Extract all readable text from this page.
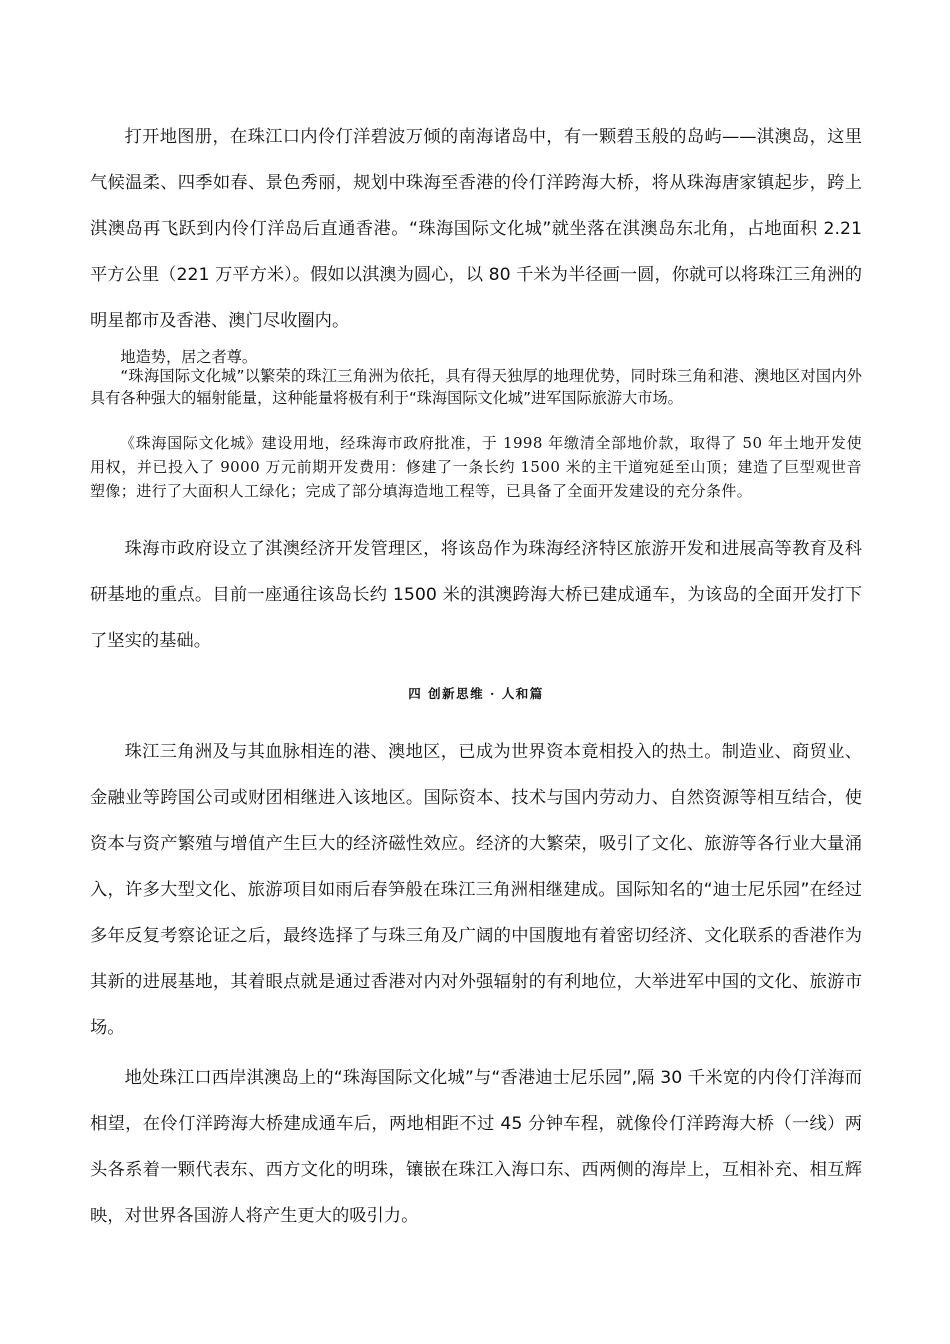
打开地图册，在珠江口内伶仃洋碧波万倾的南海诸岛中，有一颗碧玉般的岛屿——淇澳岛，这里气候温柔、四季如春、景色秀丽，规划中珠海至香港的伶仃洋跨海大桥，将从珠海唐家镇起步，跨上淇澳岛再飞跃到内伶仃洋岛后直通香港。“珠海国际文化城”就坐落在淇澳岛东北角，占地面积 2.21 平方公里（221 万平方米）。假如以淇澳为圆心，以 80 千米为半径画一圆，你就可以将珠江三角洲的明星都市及香港、澳门尽收圈内。

地造势，居之者尊。

“珠海国际文化城”以繁荣的珠江三角洲为依托，具有得天独厚的地理优势，同时珠三角和港、澳地区对国内外具有各种强大的辐射能量，这种能量将极有利于“珠海国际文化城”进军国际旅游大市场。

《珠海国际文化城》建设用地，经珠海市政府批准，于 1998 年缴清全部地价款，取得了 50 年土地开发使用权，并已投入了 9000 万元前期开发费用：修建了一条长约 1500 米的主干道宛延至山顶；建造了巨型观世音塑像；进行了大面积人工绿化；完成了部分填海造地工程等，已具备了全面开发建设的充分条件。

珠海市政府设立了淇澳经济开发管理区，将该岛作为珠海经济特区旅游开发和进展高等教育及科研基地的重点。目前一座通往该岛长约 1500 米的淇澳跨海大桥已建成通车，为该岛的全面开发打下了坚实的基础。

四 创新思维 · 人和篇

珠江三角洲及与其血脉相连的港、澳地区，已成为世界资本竟相投入的热土。制造业、商贸业、金融业等跨国公司或财团相继进入该地区。国际资本、技术与国内劳动力、自然资源等相互结合，使资本与资产繁殖与增值产生巨大的经济磁性效应。经济的大繁荣，吸引了文化、旅游等各行业大量涌入，许多大型文化、旅游项目如雨后春笋般在珠江三角洲相继建成。国际知名的“迪士尼乐园”在经过多年反复考察论证之后，最终选择了与珠三角及广阔的中国腹地有着密切经济、文化联系的香港作为其新的进展基地，其着眼点就是通过香港对内对外强辐射的有利地位，大举进军中国的文化、旅游市场。

地处珠江口西岸淇澳岛上的“珠海国际文化城”与“香港迪士尼乐园”,隔 30 千米宽的内伶仃洋海而相望，在伶仃洋跨海大桥建成通车后，两地相距不过 45 分钟车程，就像伶仃洋跨海大桥（一线）两头各系着一颗代表东、西方文化的明珠，镶嵌在珠江入海口东、西两侧的海岸上，互相补充、相互辉映，对世界各国游人将产生更大的吸引力。
